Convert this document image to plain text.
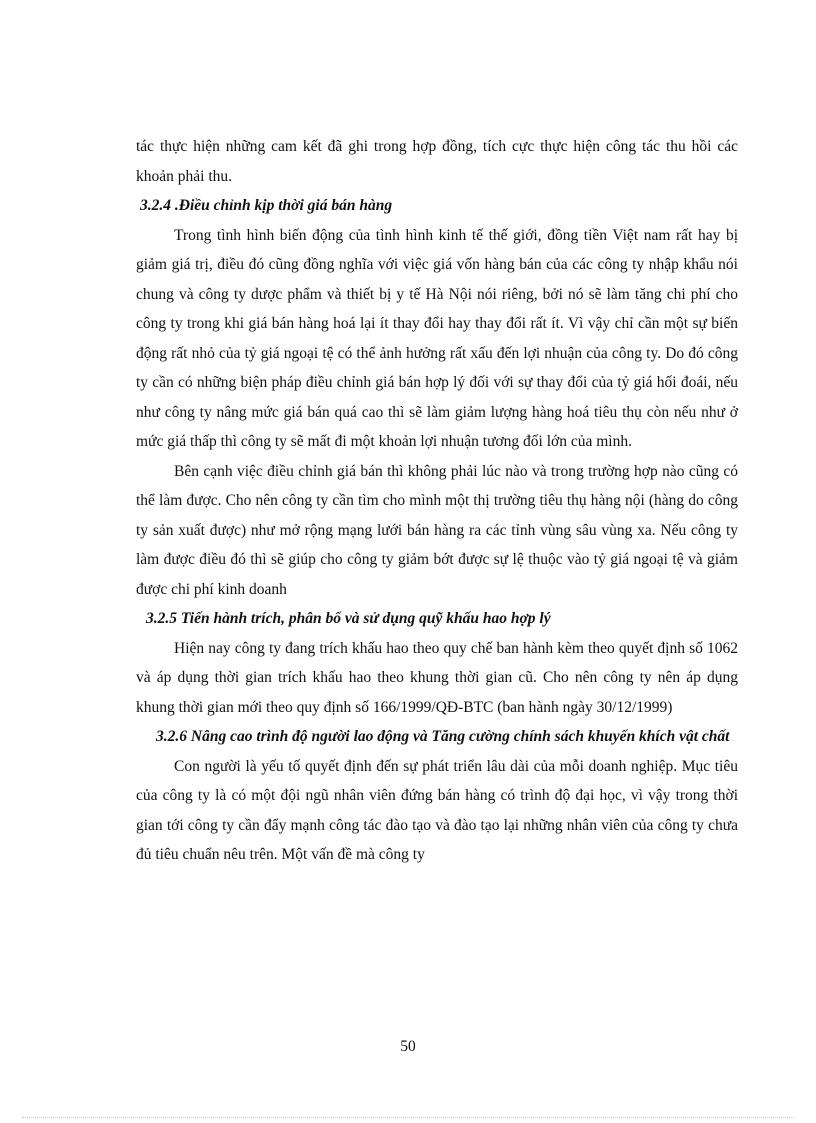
tác thực hiện những cam kết đã ghi trong hợp đồng, tích cực thực hiện công tác thu hồi các khoản phải thu.

3.2.4 .Điều chỉnh kịp thời giá bán hàng

Trong tình hình biến động của tình hình kinh tế thế giới, đồng tiền Việt nam rất hay bị giảm giá trị, điều đó cũng đồng nghĩa với việc giá vốn hàng bán của các công ty nhập khẩu nói chung và công ty dược phẩm và thiết bị y tế Hà Nội nói riêng, bởi nó sẽ làm tăng chi phí cho công ty trong khi giá bán hàng hoá lại ít thay đổi hay thay đổi rất ít. Vì vậy chỉ cần một sự biến động rất nhỏ của tỷ giá ngoại tệ có thể ảnh hưởng rất xấu đến lợi nhuận của công ty. Do đó công ty cần có những biện pháp điều chỉnh giá bán hợp lý đối với sự thay đổi của tỷ giá hối đoái, nếu như công ty nâng mức giá bán quá cao thì sẽ làm giảm lượng hàng hoá tiêu thụ còn nếu như ở mức giá thấp thì công ty sẽ mất đi một khoản lợi nhuận tương đối lớn của mình.

Bên cạnh việc điều chỉnh giá bán thì không phải lúc nào và trong trường hợp nào cũng có thể làm được. Cho nên công ty cần tìm cho mình một thị trường tiêu thụ hàng nội (hàng do công ty sản xuất được) như mở rộng mạng lưới bán hàng ra các tỉnh vùng sâu vùng xa. Nếu công ty làm được điều đó thì sẽ giúp cho công ty giảm bớt được sự lệ thuộc vào tỷ giá ngoại tệ và giảm được chi phí kinh doanh

3.2.5 Tiến hành trích, phân bổ và sử dụng quỹ khấu hao hợp lý

Hiện nay công ty đang trích khấu hao theo quy chế ban hành kèm theo quyết định số 1062 và áp dụng thời gian trích khấu hao theo khung thời gian cũ. Cho nên công ty nên áp dụng khung thời gian mới theo quy định số 166/1999/QĐ-BTC (ban hành ngày 30/12/1999)

3.2.6 Nâng cao trình độ người lao động và Tăng cường chính sách khuyến khích vật chất

Con người là yếu tố quyết định đến sự phát triển lâu dài của mỗi doanh nghiệp. Mục tiêu của công ty là có một đội ngũ nhân viên đứng bán hàng có trình độ đại học, vì vậy trong thời gian tới công ty cần đẩy mạnh công tác đào tạo và đào tạo lại những nhân viên của công ty chưa đủ tiêu chuẩn nêu trên. Một vấn đề mà công ty

50
